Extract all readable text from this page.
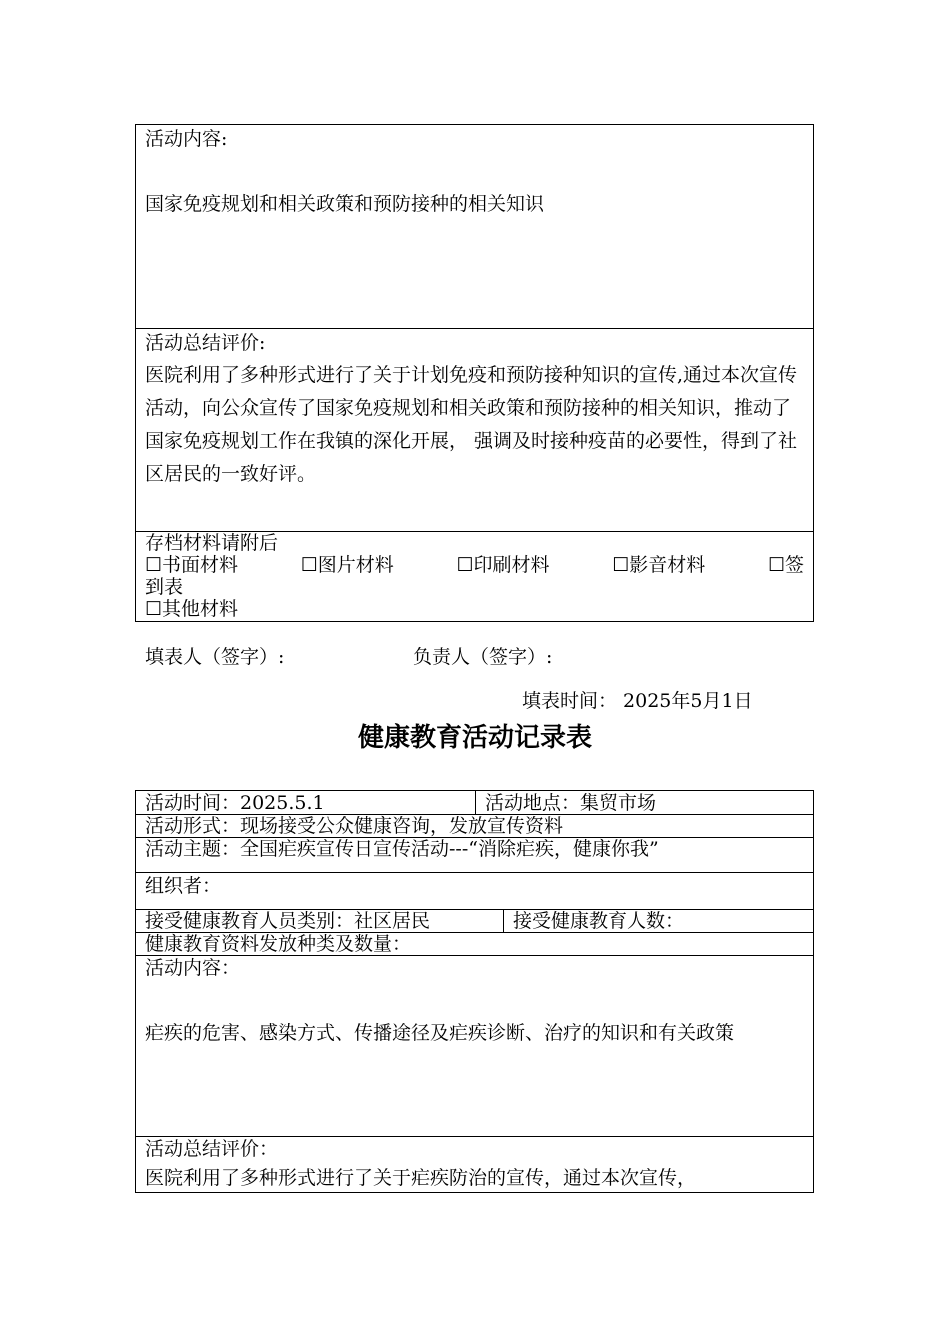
活动内容:
国家免疫规划和相关政策和预防接种的相关知识
活动总结评价:
医院利用了多种形式进行了关于计划免疫和预防接种知识的宣传,通过本次宣传活动，向公众宣传了国家免疫规划和相关政策和预防接种的相关知识，推动了国家免疫规划工作在我镇的深化开展， 强调及时接种疫苗的必要性，得到了社区居民的一致好评。
存档材料请附后
☐书面材料	☐图片材料	☐印刷材料	☐影音材料	☐签
到表
☐其他材料
填表人（签字）:	负责人（签字）:
填表时间： 2025年5月1日
健康教育活动记录表
活动时间：2025.5.1	活动地点：集贸市场
活动形式：现场接受公众健康咨询，发放宣传资料
活动主题：全国疟疾宣传日宣传活动---“消除疟疾，健康你我”
组织者：
接受健康教育人员类别：社区居民	接受健康教育人数：
健康教育资料发放种类及数量：
活动内容：
疟疾的危害、感染方式、传播途径及疟疾诊断、治疗的知识和有关政策
活动总结评价：
医院利用了多种形式进行了关于疟疾防治的宣传，通过本次宣传，
